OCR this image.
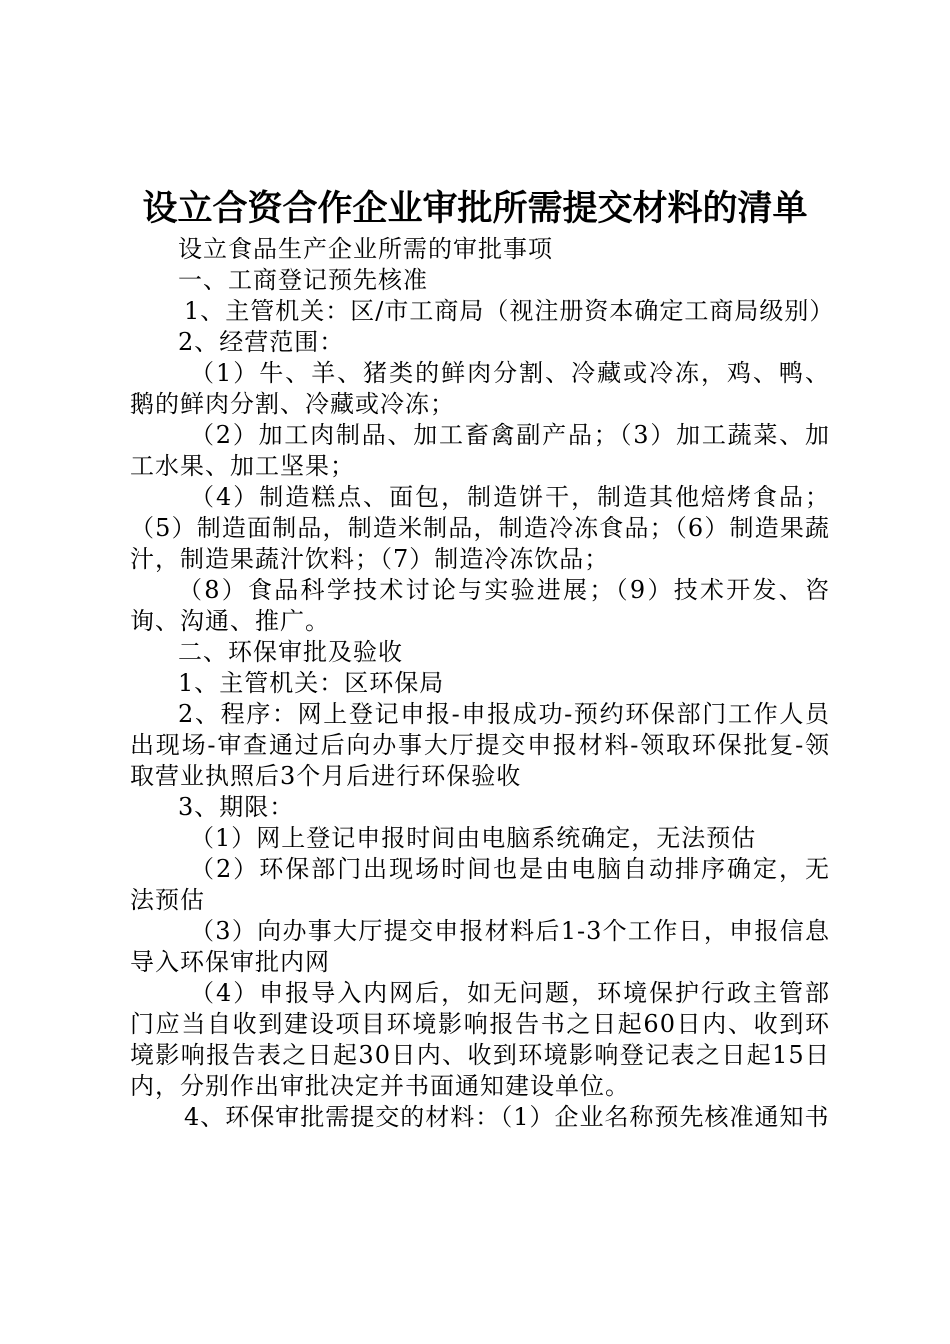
设立合资合作企业审批所需提交材料的清单

设立食品生产企业所需的审批事项

一、工商登记预先核准

1、主管机关：区/市工商局（视注册资本确定工商局级别）

2、经营范围：

（1）牛、羊、猪类的鲜肉分割、冷藏或冷冻，鸡、鸭、鹅的鲜肉分割、冷藏或冷冻；

（2）加工肉制品、加工畜禽副产品；（3）加工蔬菜、加工水果、加工坚果；

（4）制造糕点、面包，制造饼干，制造其他焙烤食品；（5）制造面制品，制造米制品，制造冷冻食品；（6）制造果蔬汁，制造果蔬汁饮料；（7）制造冷冻饮品；

（8）食品科学技术讨论与实验进展；（9）技术开发、咨询、沟通、推广。

二、环保审批及验收

1、主管机关：区环保局

2、程序：网上登记申报-申报成功-预约环保部门工作人员出现场-审查通过后向办事大厅提交申报材料-领取环保批复-领取营业执照后3个月后进行环保验收

3、期限：

（1）网上登记申报时间由电脑系统确定，无法预估

（2）环保部门出现场时间也是由电脑自动排序确定，无法预估

（3）向办事大厅提交申报材料后1-3个工作日，申报信息导入环保审批内网

（4）申报导入内网后，如无问题，环境保护行政主管部门应当自收到建设项目环境影响报告书之日起60日内、收到环境影响报告表之日起30日内、收到环境影响登记表之日起15日内，分别作出审批决定并书面通知建设单位。

4、环保审批需提交的材料：（1）企业名称预先核准通知书
